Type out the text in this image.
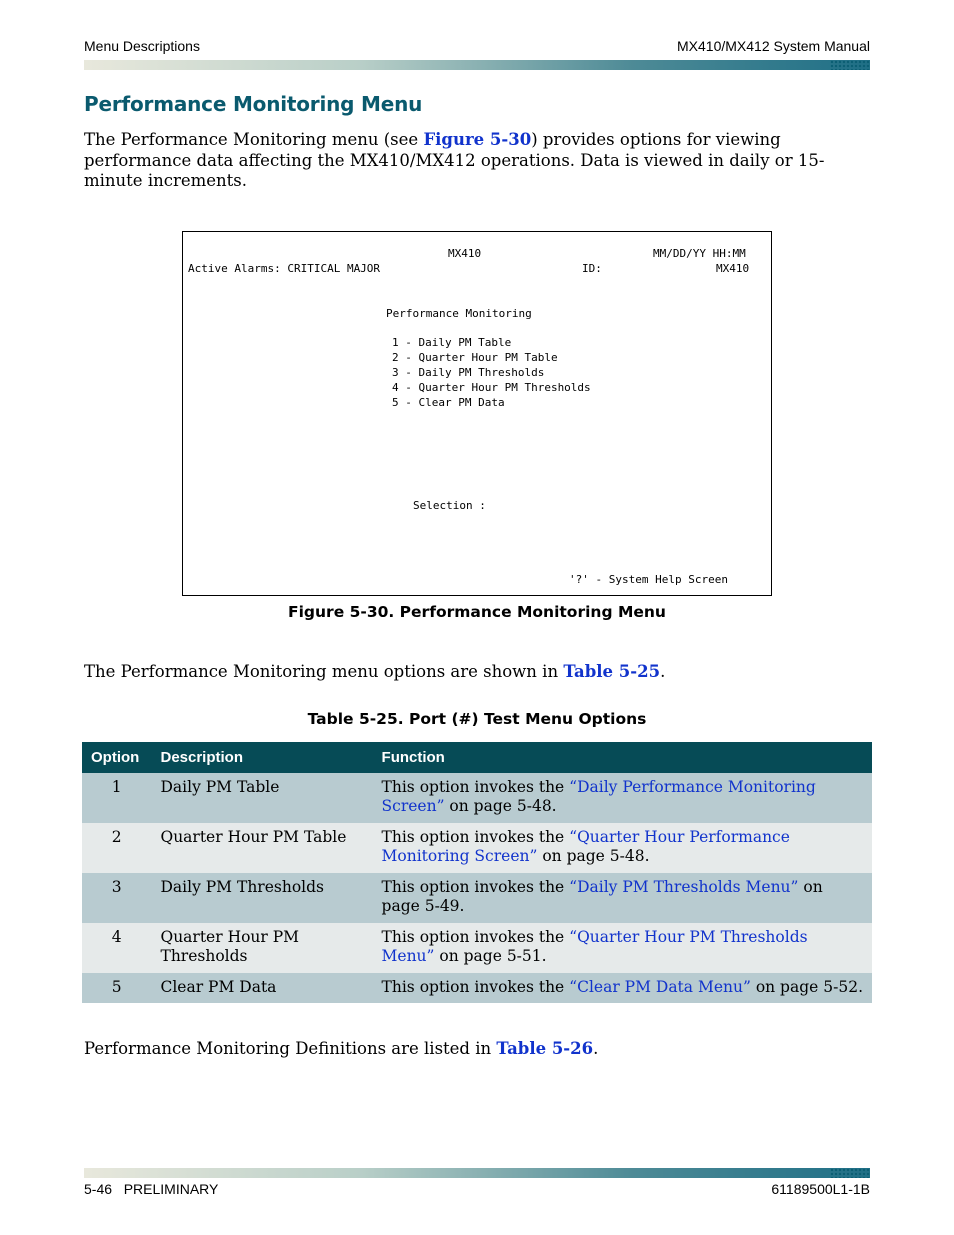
Menu Descriptions	MX410/MX412 System Manual
Performance Monitoring Menu
The Performance Monitoring menu (see Figure 5-30) provides options for viewing performance data affecting the MX410/MX412 operations. Data is viewed in daily or 15-minute increments.
MX410	MM/DD/YY HH:MM
Active Alarms: CRITICAL MAJOR	ID:	MX410
Performance Monitoring
1 - Daily PM Table
2 - Quarter Hour PM Table
3 - Daily PM Thresholds
4 - Quarter Hour PM Thresholds
5 - Clear PM Data
Selection :
'?' - System Help Screen
Figure 5-30. Performance Monitoring Menu
The Performance Monitoring menu options are shown in Table 5-25.
Table 5-25. Port (#) Test Menu Options
Option	Description	Function
1	Daily PM Table	This option invokes the “Daily Performance Monitoring Screen” on page 5-48.
2	Quarter Hour PM Table	This option invokes the “Quarter Hour Performance Monitoring Screen” on page 5-48.
3	Daily PM Thresholds	This option invokes the “Daily PM Thresholds Menu” on page 5-49.
4	Quarter Hour PM Thresholds	This option invokes the “Quarter Hour PM Thresholds Menu” on page 5-51.
5	Clear PM Data	This option invokes the “Clear PM Data Menu” on page 5-52.
Performance Monitoring Definitions are listed in Table 5-26.
5-46   PRELIMINARY	61189500L1-1B
